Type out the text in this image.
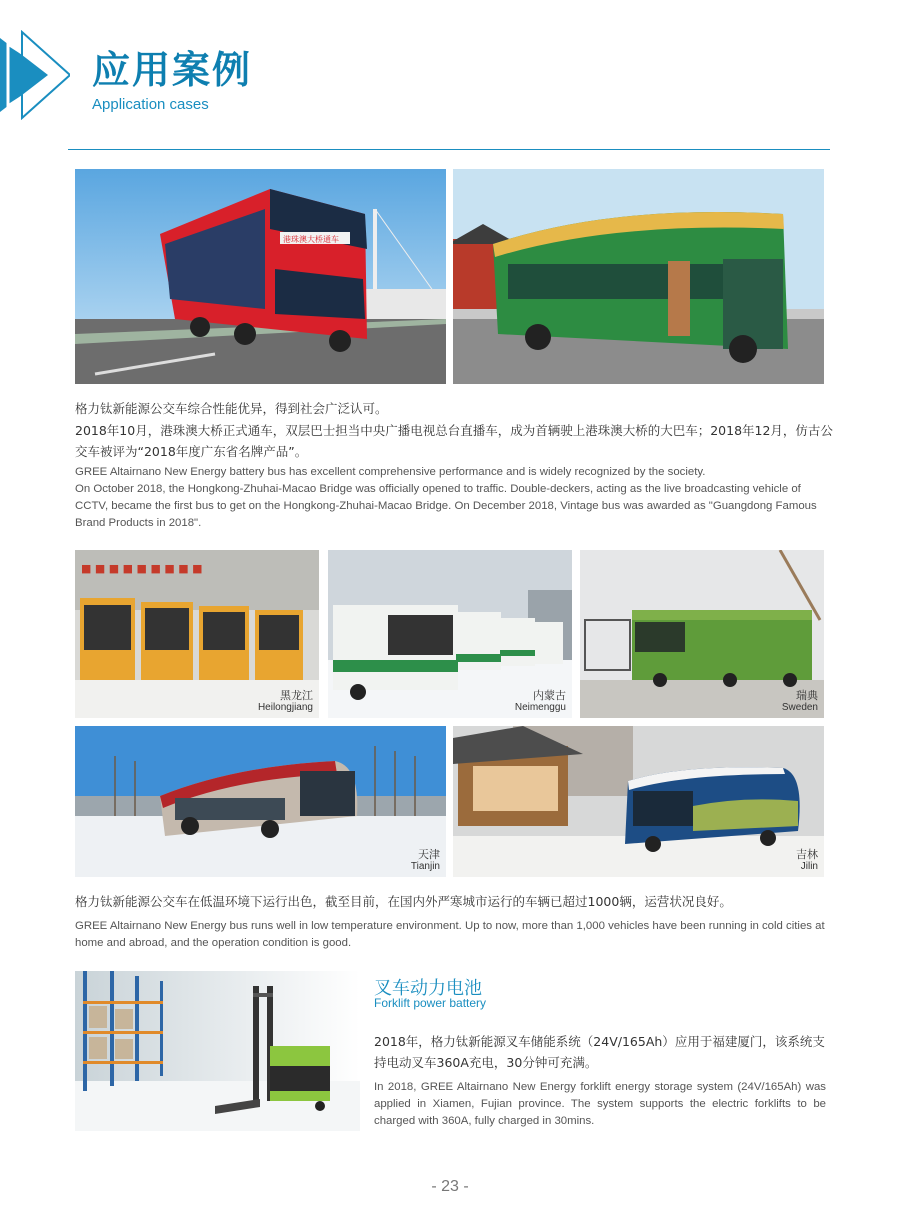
应用案例
Application cases
港珠澳大桥通车
格力钛新能源公交车综合性能优异，得到社会广泛认可。
2018年10月，港珠澳大桥正式通车，双层巴士担当中央广播电视总台直播车，成为首辆驶上港珠澳大桥的大巴车；2018年12月，仿古公交车被评为“2018年度广东省名牌产品”。
GREE Altairnano New Energy battery bus has excellent comprehensive performance and is widely recognized by the society.
On October 2018, the Hongkong-Zhuhai-Macao Bridge was officially opened to traffic. Double-deckers, acting as the live broadcasting vehicle of CCTV, became the first bus to get on the Hongkong-Zhuhai-Macao Bridge. On December 2018, Vintage bus was awarded as "Guangdong Famous Brand Products in 2018".
■ ■ ■ ■ ■ ■ ■ ■ ■
黑龙江
Heilongjiang
内蒙古
Neimenggu
瑞典
Sweden
天津
Tianjin
吉林
Jilin
格力钛新能源公交车在低温环境下运行出色，截至目前，在国内外严寒城市运行的车辆已超过1000辆，运营状况良好。
GREE Altairnano New Energy bus runs well in low temperature environment. Up to now, more than 1,000 vehicles have been running in cold cities at home and abroad, and the operation condition is good.
叉车动力电池
Forklift power battery
2018年，格力钛新能源叉车储能系统（24V/165Ah）应用于福建厦门，该系统支持电动叉车360A充电，30分钟可充满。
In 2018, GREE Altairnano New Energy forklift energy storage system (24V/165Ah) was applied in Xiamen, Fujian province. The system supports the electric forklifts to be charged with 360A, fully charged in 30mins.
- 23 -
